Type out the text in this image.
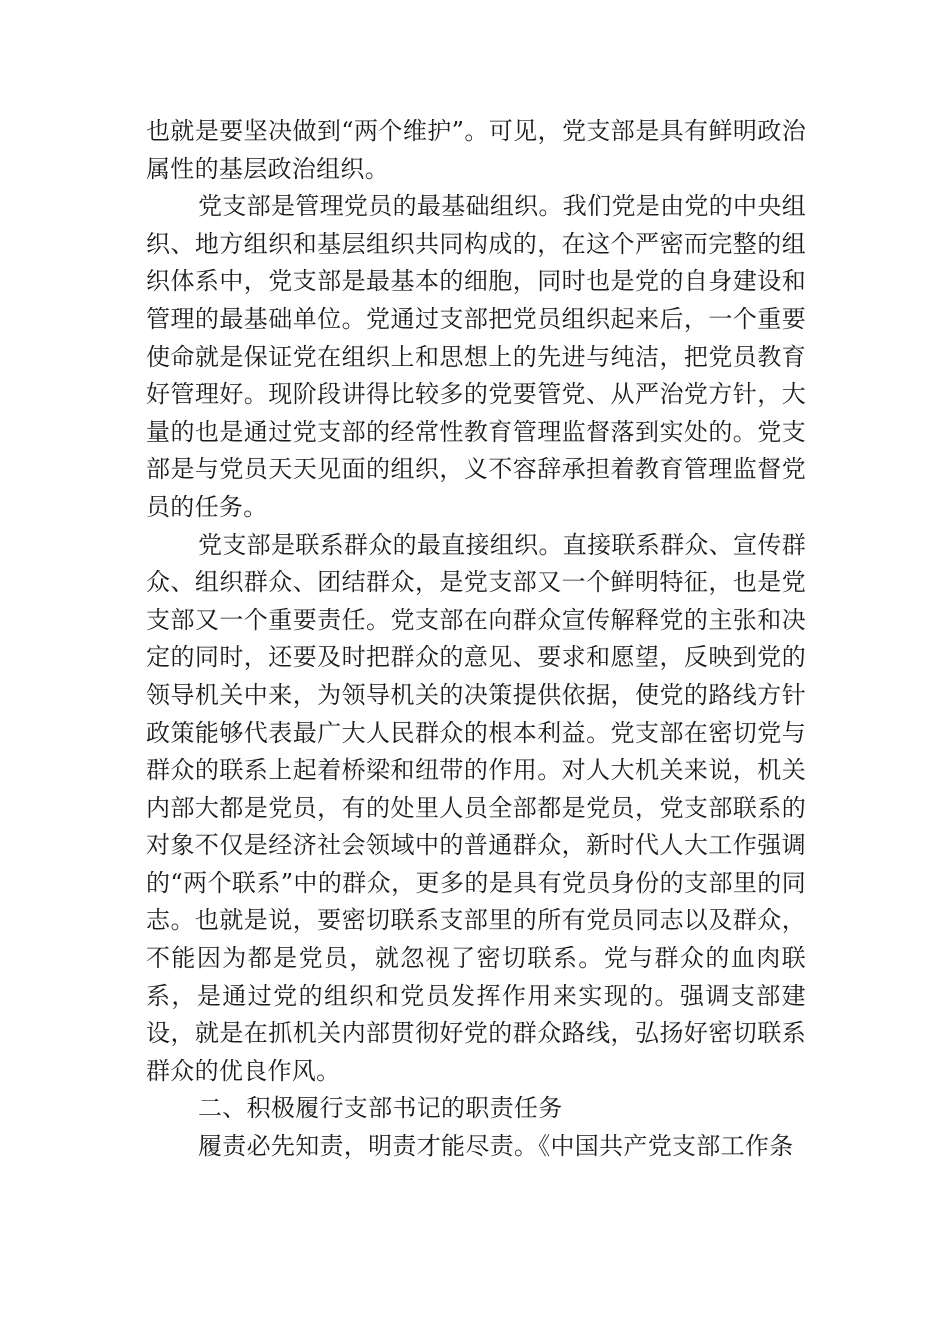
也就是要坚决做到“两个维护”。可见，党支部是具有鲜明政治属性的基层政治组织。

党支部是管理党员的最基础组织。我们党是由党的中央组织、地方组织和基层组织共同构成的，在这个严密而完整的组织体系中，党支部是最基本的细胞，同时也是党的自身建设和管理的最基础单位。党通过支部把党员组织起来后，一个重要使命就是保证党在组织上和思想上的先进与纯洁，把党员教育好管理好。现阶段讲得比较多的党要管党、从严治党方针，大量的也是通过党支部的经常性教育管理监督落到实处的。党支部是与党员天天见面的组织，义不容辞承担着教育管理监督党员的任务。

党支部是联系群众的最直接组织。直接联系群众、宣传群众、组织群众、团结群众，是党支部又一个鲜明特征，也是党支部又一个重要责任。党支部在向群众宣传解释党的主张和决定的同时，还要及时把群众的意见、要求和愿望，反映到党的领导机关中来，为领导机关的决策提供依据，使党的路线方针政策能够代表最广大人民群众的根本利益。党支部在密切党与群众的联系上起着桥梁和纽带的作用。对人大机关来说，机关内部大都是党员，有的处里人员全部都是党员，党支部联系的对象不仅是经济社会领域中的普通群众，新时代人大工作强调的“两个联系”中的群众，更多的是具有党员身份的支部里的同志。也就是说，要密切联系支部里的所有党员同志以及群众，不能因为都是党员，就忽视了密切联系。党与群众的血肉联系，是通过党的组织和党员发挥作用来实现的。强调支部建设，就是在抓机关内部贯彻好党的群众路线，弘扬好密切联系群众的优良作风。

二、积极履行支部书记的职责任务

履责必先知责，明责才能尽责。《中国共产党支部工作条
